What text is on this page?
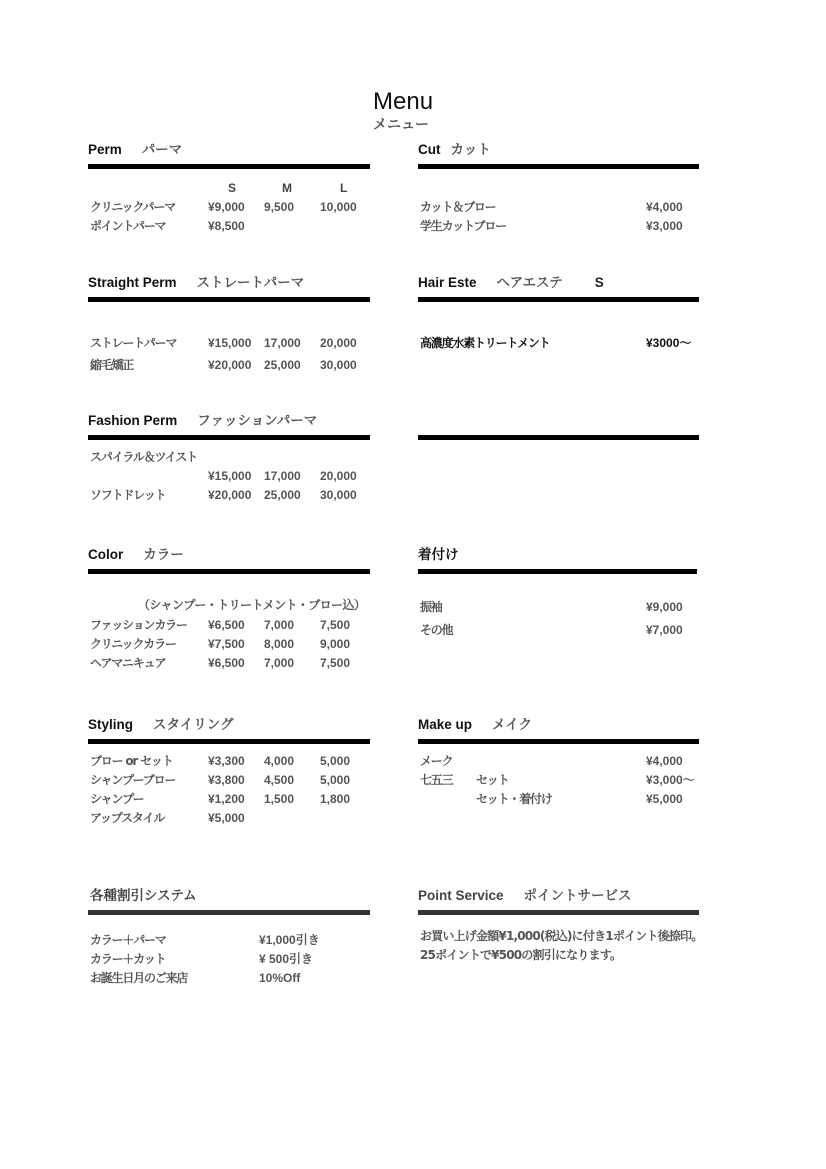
Menu
メニュー
Perm パーマ
S	M	L
クリニックパーマ	¥9,000 9,500 10,000
ポイントパーマ	¥8,500
Cut カット
カット＆ブロー	¥4,000
学生カットブロー	¥3,000
Straight Perm ストレートパーマ
ストレートパーマ	¥15,000 17,000 20,000
縮毛矯正	¥20,000 25,000 30,000
Hair Este ヘアエステ S
高濃度水素トリートメント	¥3000～
Fashion Perm ファッションパーマ
スパイラル＆ツイスト
¥15,000 17,000 20,000
ソフトドレット	¥20,000 25,000 30,000
Color カラー
（シャンプー・トリートメント・ブロー込）
ファッションカラー ¥6,500 7,000 7,500
クリニックカラー	¥7,500 8,000 9,000
ヘアマニキュア	¥6,500 7,000 7,500
着付け
振袖	¥9,000
その他	¥7,000
Styling スタイリング
ブロー or セット	¥3,300 4,000 5,000
シャンプーブロー	¥3,800 4,500 5,000
シャンプー	¥1,200 1,500 1,800
アップスタイル	¥5,000
Make up メイク
メーク	¥4,000
七五三 セット	¥3,000～
セット・着付け	¥5,000
各種割引システム
カラー＋パーマ	¥1,000引き
カラー＋カット	¥ 500引き
お誕生日月のご来店	10%Off
Point Service ポイントサービス
お買い上げ金額¥1,000(税込)に付き1ポイント後捺印。
25ポイントで¥500の割引になります。
